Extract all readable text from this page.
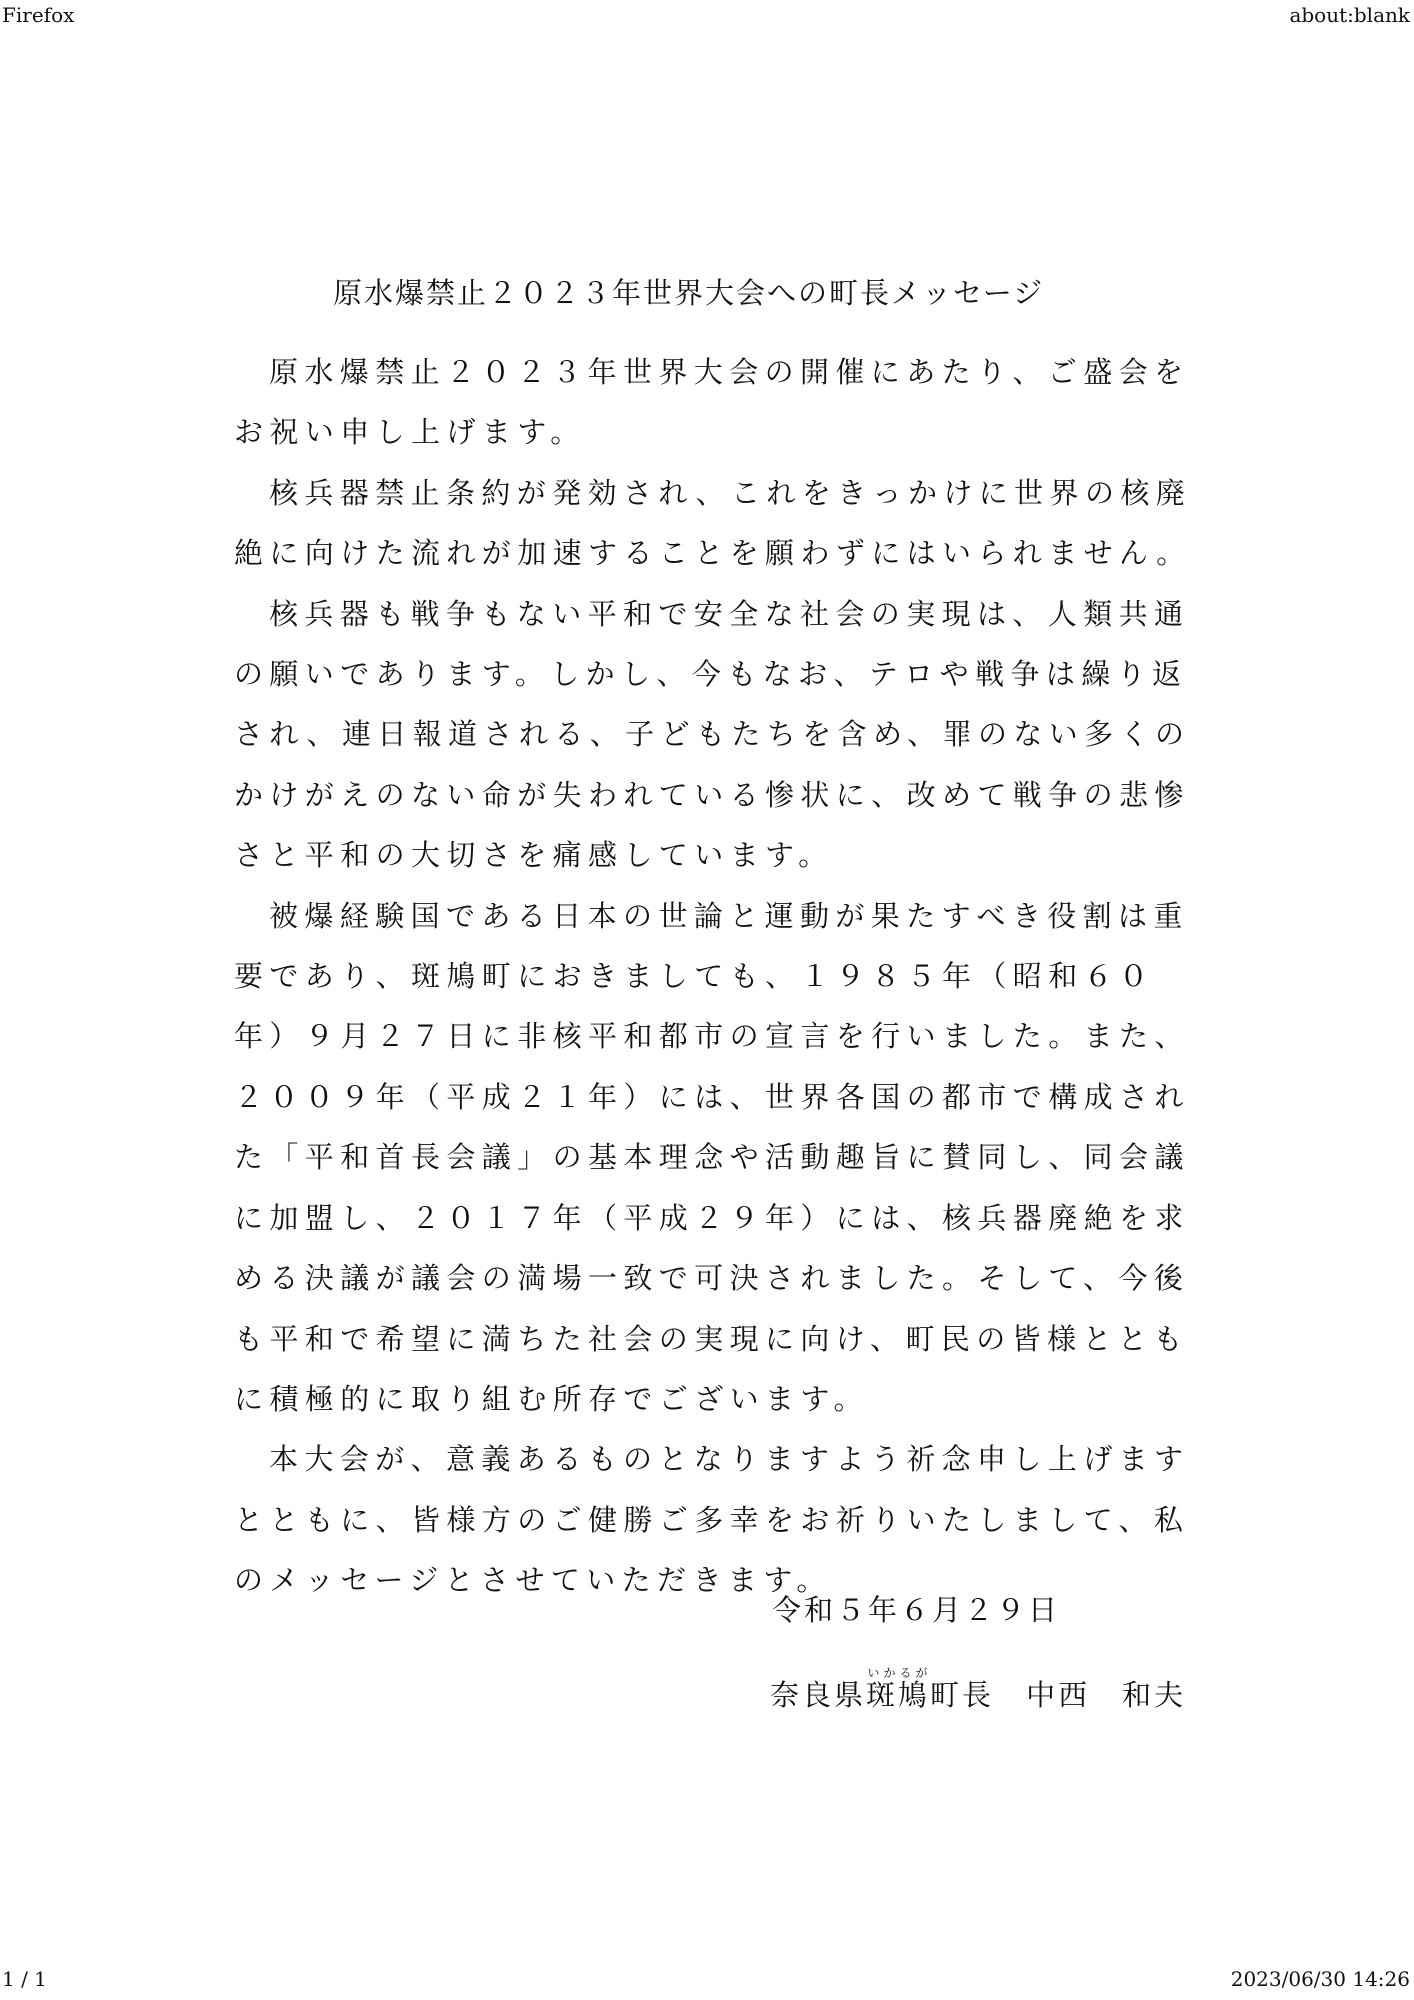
Firefox	about:blank
原水爆禁止２０２３年世界大会への町長メッセージ

原水爆禁止２０２３年世界大会の開催にあたり、ご盛会をお祝い申し上げます。

核兵器禁止条約が発効され、これをきっかけに世界の核廃絶に向けた流れが加速することを願わずにはいられません。

核兵器も戦争もない平和で安全な社会の実現は、人類共通の願いであります。しかし、今もなお、テロや戦争は繰り返され、連日報道される、子どもたちを含め、罪のない多くのかけがえのない命が失われている惨状に、改めて戦争の悲惨さと平和の大切さを痛感しています。

被爆経験国である日本の世論と運動が果たすべき役割は重要であり、斑鳩町におきましても、１９８５年（昭和６０年）９月２７日に非核平和都市の宣言を行いました。また、２００９年（平成２１年）には、世界各国の都市で構成された「平和首長会議」の基本理念や活動趣旨に賛同し、同会議に加盟し、２０１７年（平成２９年）には、核兵器廃絶を求める決議が議会の満場一致で可決されました。そして、今後も平和で希望に満ちた社会の実現に向け、町民の皆様とともに積極的に取り組む所存でございます。

本大会が、意義あるものとなりますよう祈念申し上げますとともに、皆様方のご健勝ご多幸をお祈りいたしまして、私のメッセージとさせていただきます。

令和５年６月２９日
奈良県斑鳩いかるが町長　 中西　和夫
1 / 1	2023/06/30 14:26
